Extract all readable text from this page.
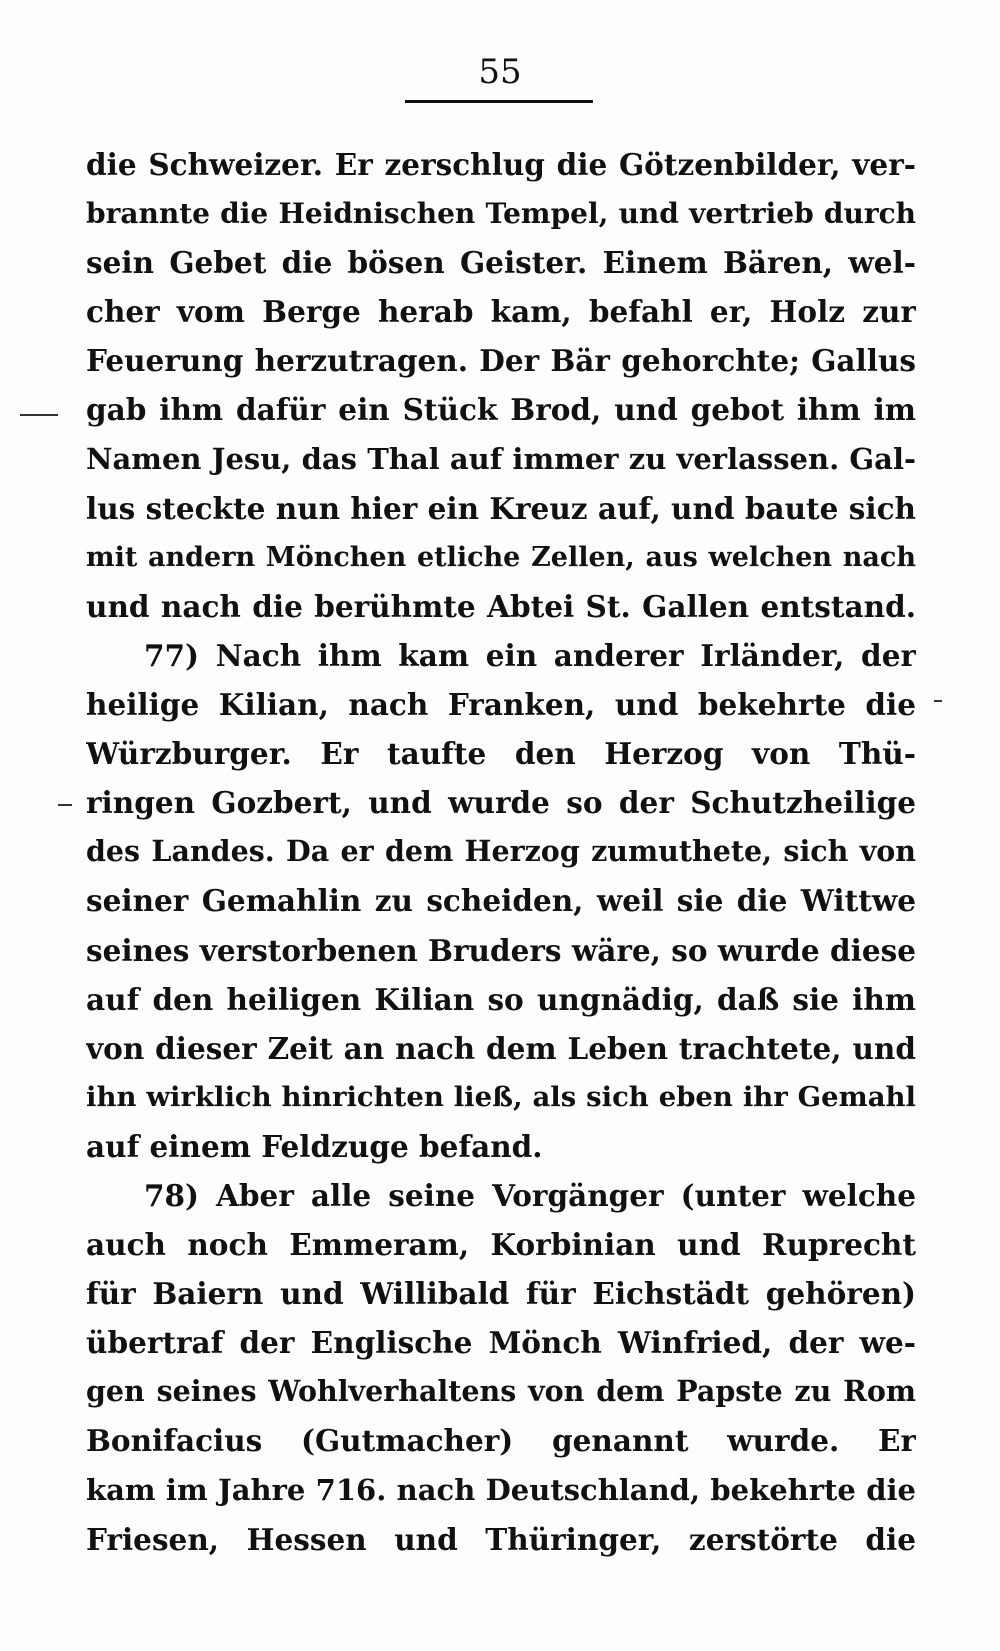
55
die Schweizer. Er zerschlug die Götzenbilder, ver-
brannte die Heidnischen Tempel, und vertrieb durch
sein Gebet die bösen Geister. Einem Bären, wel-
cher vom Berge herab kam, befahl er, Holz zur
Feuerung herzutragen. Der Bär gehorchte; Gallus
gab ihm dafür ein Stück Brod, und gebot ihm im
Namen Jesu, das Thal auf immer zu verlassen. Gal-
lus steckte nun hier ein Kreuz auf, und baute sich
mit andern Mönchen etliche Zellen, aus welchen nach
und nach die berühmte Abtei St. Gallen entstand.
77) Nach ihm kam ein anderer Irländer, der
heilige Kilian, nach Franken, und bekehrte die
Würzburger. Er taufte den Herzog von Thü-
ringen Gozbert, und wurde so der Schutzheilige
des Landes. Da er dem Herzog zumuthete, sich von
seiner Gemahlin zu scheiden, weil sie die Wittwe
seines verstorbenen Bruders wäre, so wurde diese
auf den heiligen Kilian so ungnädig, daß sie ihm
von dieser Zeit an nach dem Leben trachtete, und
ihn wirklich hinrichten ließ, als sich eben ihr Gemahl
auf einem Feldzuge befand.
78) Aber alle seine Vorgänger (unter welche
auch noch Emmeram, Korbinian und Ruprecht
für Baiern und Willibald für Eichstädt gehören)
übertraf der Englische Mönch Winfried, der we-
gen seines Wohlverhaltens von dem Papste zu Rom
Bonifacius (Gutmacher) genannt wurde. Er
kam im Jahre 716. nach Deutschland, bekehrte die
Friesen, Hessen und Thüringer, zerstörte die
